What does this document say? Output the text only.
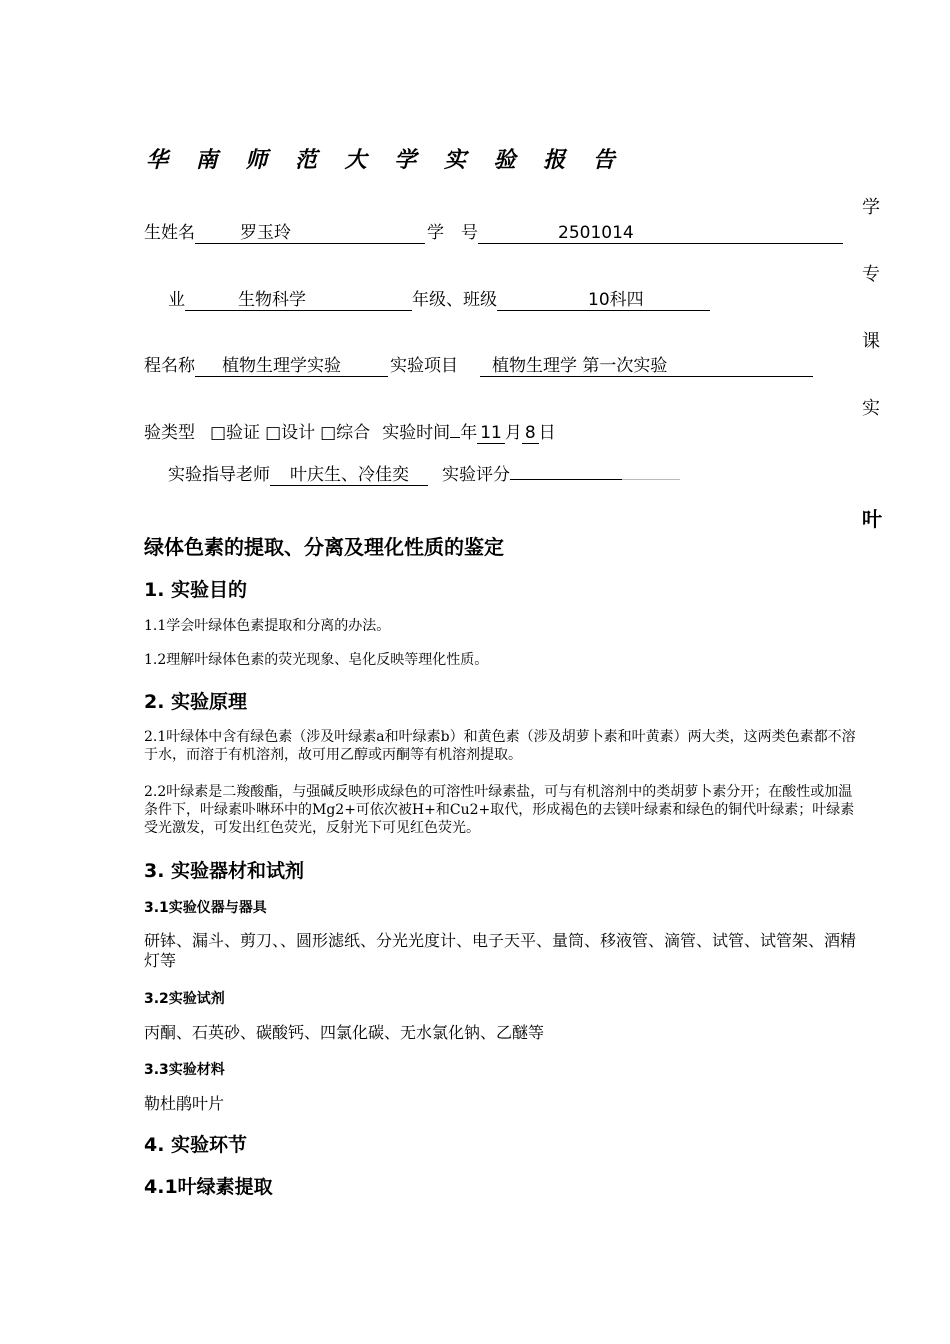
华 南 师 范 大 学 实 验 报 告
学
专
课
实
叶
生姓名	罗玉玲	学　号	2501014
业	生物科学	年级、班级	10科四
程名称 植物生理学实验	实验项目 植物生理学 第一次实验
验类型 □验证 □设计 □综合 实验时间 年 11 月 8 日
实验指导老师 叶庆生、冷佳奕 实验评分
绿体色素的提取、分离及理化性质的鉴定
1. 实验目的
1.1学会叶绿体色素提取和分离的办法。
1.2理解叶绿体色素的荧光现象、皂化反映等理化性质。
2. 实验原理
2.1叶绿体中含有绿色素（涉及叶绿素a和叶绿素b）和黄色素（涉及胡萝卜素和叶黄素）两大类，这两类色素都不溶于水，而溶于有机溶剂，故可用乙醇或丙酮等有机溶剂提取。
2.2叶绿素是二羧酸酯，与强碱反映形成绿色的可溶性叶绿素盐，可与有机溶剂中的类胡萝卜素分开；在酸性或加温条件下，叶绿素卟啉环中的Mg2+可依次被H+和Cu2+取代，形成褐色的去镁叶绿素和绿色的铜代叶绿素；叶绿素受光激发，可发出红色荧光，反射光下可见红色荧光。
3. 实验器材和试剂
3.1实验仪器与器具
研钵、漏斗、剪刀、、圆形滤纸、分光光度计、电子天平、量筒、移液管、滴管、试管、试管架、酒精灯等
3.2实验试剂
丙酮、石英砂、碳酸钙、四氯化碳、无水氯化钠、乙醚等
3.3实验材料
勒杜鹃叶片
4. 实验环节
4.1叶绿素提取
